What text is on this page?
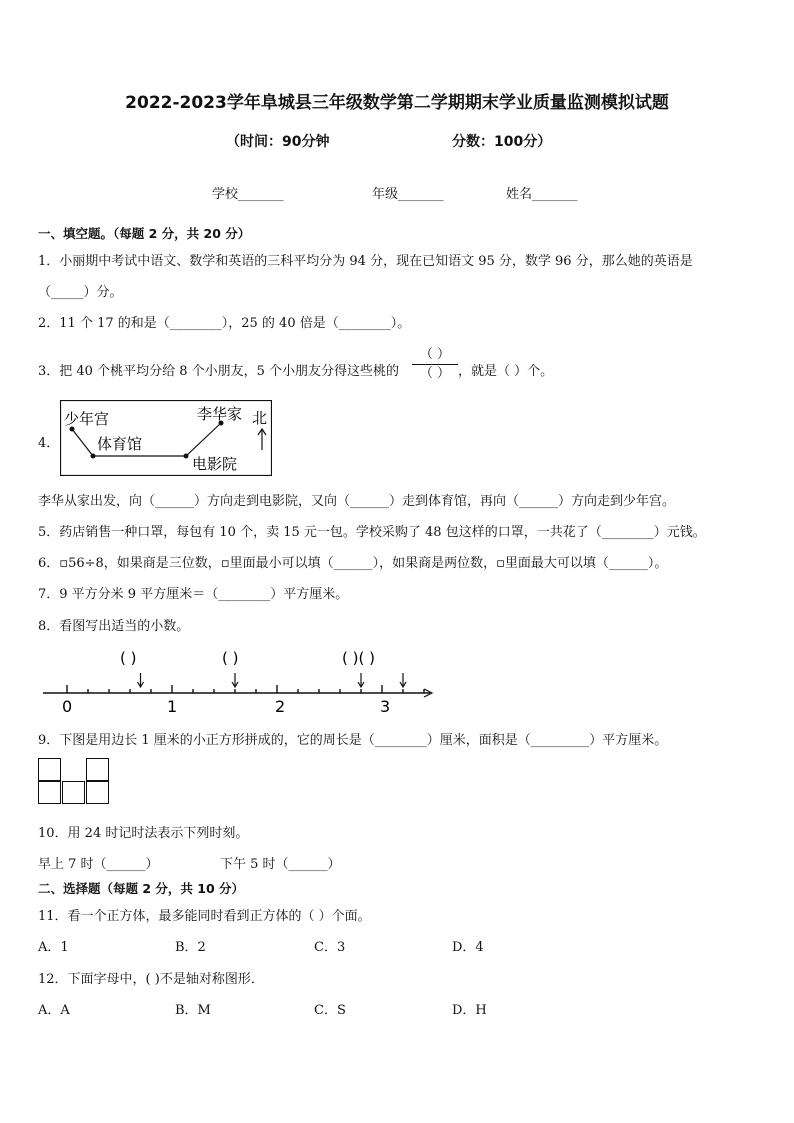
2022-2023学年阜城县三年级数学第二学期期末学业质量监测模拟试题
（时间：90分钟	分数：100分）
学校_______	年级_______	姓名_______
一、填空题。（每题 2 分，共 20 分）
1．小丽期中考试中语文、数学和英语的三科平均分为 94 分，现在已知语文 95 分，数学 96 分，那么她的英语是
（_____）分。
2．11 个 17 的和是（________），25 的 40 倍是（________）。
3．把 40 个桃平均分给 8 个小朋友，5 个小朋友分得这些桃的
（ ）
（ ） ，就是（ ）个。
4．
少年宫
体育馆
李华家 北
电影院
李华从家出发，向（______）方向走到电影院，又向（______）走到体育馆，再向（______）方向走到少年宫。
5．药店销售一种口罩，每包有 10 个，卖 15 元一包。学校采购了 48 包这样的口罩，一共花了（________）元钱。
6．▫56÷8，如果商是三位数，▫里面最小可以填（______），如果商是两位数，▫里面最大可以填（______）。
7．9 平方分米 9 平方厘米＝（________）平方厘米。
8．看图写出适当的小数。
( )	( )	( )( )
0	1	2	3
9．下图是用边长 1 厘米的小正方形拼成的，它的周长是（________）厘米，面积是（_________）平方厘米。
10．用 24 时记时法表示下列时刻。
早上 7 时（______）	下午 5 时（______）
二、选择题（每题 2 分，共 10 分）
11．看一个正方体，最多能同时看到正方体的（ ）个面。
A．1	B．2	C．3	D．4
12．下面字母中，( )不是轴对称图形．
A．A	B．M	C．S	D．H
